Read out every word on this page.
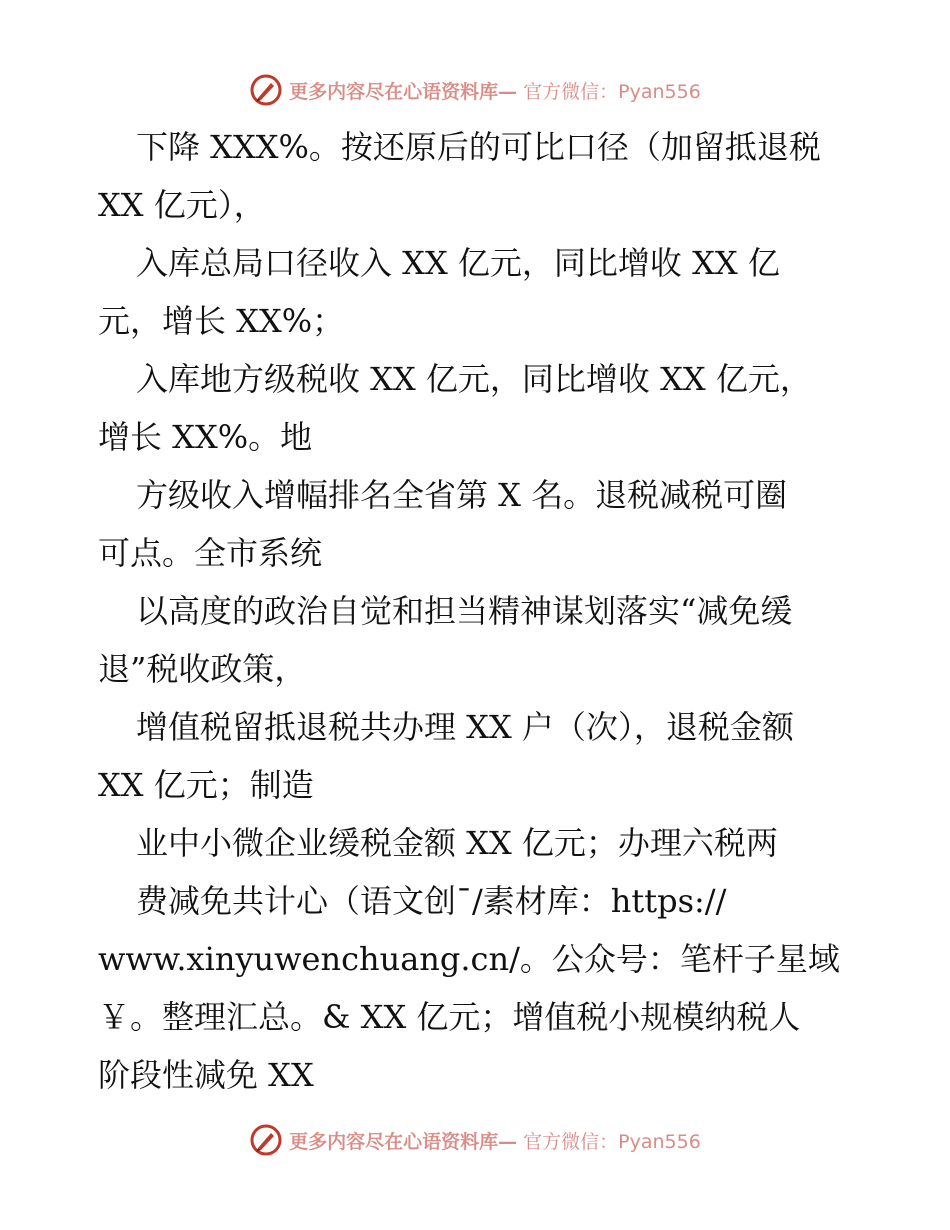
更多内容尽在心语资料库— 官方微信：Pyan556
下降 XXX%。按还原后的可比口径（加留抵退税
XX 亿元），
入库总局口径收入 XX 亿元，同比增收 XX 亿
元，增长 XX%；
入库地方级税收 XX 亿元，同比增收 XX 亿元，
增长 XX%。地
方级收入增幅排名全省第 X 名。退税减税可圈
可点。全市系统
以高度的政治自觉和担当精神谋划落实“减免缓
退”税收政策，
增值税留抵退税共办理 XX 户（次），退税金额
XX 亿元；制造
业中小微企业缓税金额 XX 亿元；办理六税两
费减免共计心（语文创¯/素材库：https://
www.xinyuwenchuang.cn/。公众号：笔杆子星域
￥。整理汇总。& XX 亿元；增值税小规模纳税人
阶段性减免 XX
更多内容尽在心语资料库— 官方微信：Pyan556
